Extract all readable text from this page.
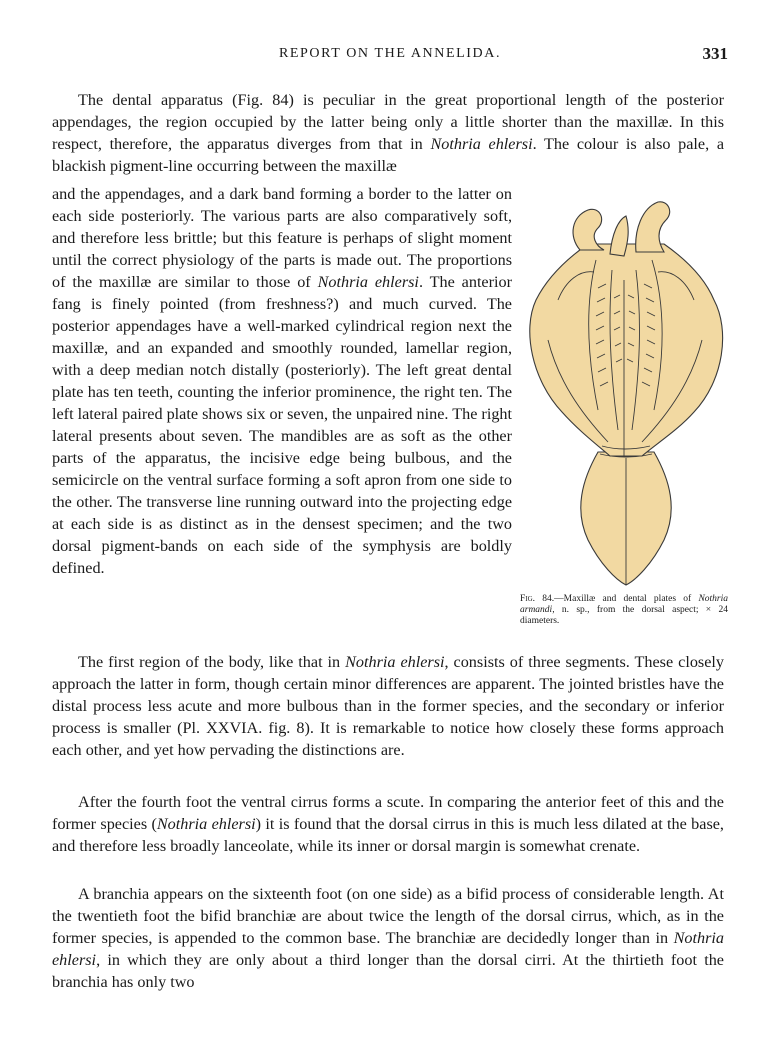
REPORT ON THE ANNELIDA.	331

The dental apparatus (Fig. 84) is peculiar in the great proportional length of the posterior appendages, the region occupied by the latter being only a little shorter than the maxillæ. In this respect, therefore, the apparatus diverges from that in Nothria ehlersi. The colour is also pale, a blackish pigment-line occurring between the maxillæ

and the appendages, and a dark band forming a border to the latter on each side posteriorly. The various parts are also comparatively soft, and therefore less brittle; but this feature is perhaps of slight moment until the correct physiology of the parts is made out. The proportions of the maxillæ are similar to those of Nothria ehlersi. The anterior fang is finely pointed (from freshness?) and much curved. The posterior appendages have a well-marked cylindrical region next the maxillæ, and an expanded and smoothly rounded, lamellar region, with a deep median notch distally (posteriorly). The left great dental plate has ten teeth, counting the inferior prominence, the right ten. The left lateral paired plate shows six or seven, the unpaired nine. The right lateral presents about seven. The mandibles are as soft as the other parts of the apparatus, the incisive edge being bulbous, and the semicircle on the ventral surface forming a soft apron from one side to the other. The transverse line running outward into the projecting edge at each side is as distinct as in the densest specimen; and the two dorsal pigment-bands on each side of the symphysis are boldly defined.

Fig. 84.—Maxillæ and dental plates of Nothria armandi, n. sp., from the dorsal aspect; × 24 diameters.

The first region of the body, like that in Nothria ehlersi, consists of three segments. These closely approach the latter in form, though certain minor differences are apparent. The jointed bristles have the distal process less acute and more bulbous than in the former species, and the secondary or inferior process is smaller (Pl. XXVIA. fig. 8). It is remarkable to notice how closely these forms approach each other, and yet how pervading the distinctions are.

After the fourth foot the ventral cirrus forms a scute. In comparing the anterior feet of this and the former species (Nothria ehlersi) it is found that the dorsal cirrus in this is much less dilated at the base, and therefore less broadly lanceolate, while its inner or dorsal margin is somewhat crenate.

A branchia appears on the sixteenth foot (on one side) as a bifid process of considerable length. At the twentieth foot the bifid branchiæ are about twice the length of the dorsal cirrus, which, as in the former species, is appended to the common base. The branchiæ are decidedly longer than in Nothria ehlersi, in which they are only about a third longer than the dorsal cirri. At the thirtieth foot the branchia has only two
